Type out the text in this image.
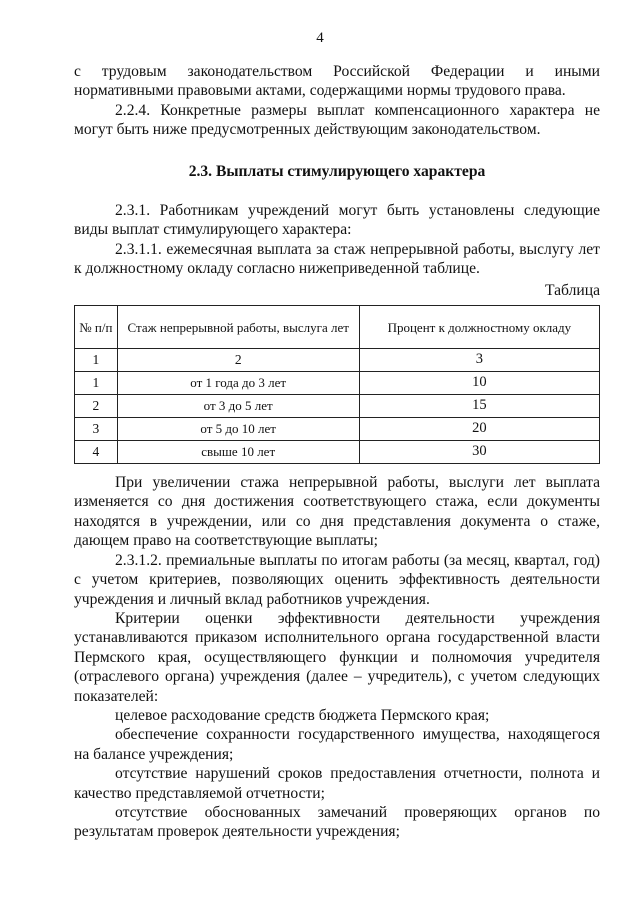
4

с трудовым законодательством Российской Федерации и иными нормативными правовыми актами, содержащими нормы трудового права.

2.2.4. Конкретные размеры выплат компенсационного характера не могут быть ниже предусмотренных действующим законодательством.

2.3. Выплаты стимулирующего характера

2.3.1. Работникам учреждений могут быть установлены следующие виды выплат стимулирующего характера:

2.3.1.1. ежемесячная выплата за стаж непрерывной работы, выслугу лет к должностному окладу согласно нижеприведенной таблице.

Таблица

№ п/п	Стаж непрерывной работы, выслуга лет	Процент к должностному окладу
1	2	3
1	от 1 года до 3 лет	10
2	от 3 до 5 лет	15
3	от 5 до 10 лет	20
4	свыше 10 лет	30

При увеличении стажа непрерывной работы, выслуги лет выплата изменяется со дня достижения соответствующего стажа, если документы находятся в учреждении, или со дня представления документа о стаже, дающем право на соответствующие выплаты;

2.3.1.2. премиальные выплаты по итогам работы (за месяц, квартал, год) с учетом критериев, позволяющих оценить эффективность деятельности учреждения и личный вклад работников учреждения.

Критерии оценки эффективности деятельности учреждения устанавливаются приказом исполнительного органа государственной власти Пермского края, осуществляющего функции и полномочия учредителя (отраслевого органа) учреждения (далее – учредитель), с учетом следующих показателей:

целевое расходование средств бюджета Пермского края;

обеспечение сохранности государственного имущества, находящегося на балансе учреждения;

отсутствие нарушений сроков предоставления отчетности, полнота и качество представляемой отчетности;

отсутствие обоснованных замечаний проверяющих органов по результатам проверок деятельности учреждения;
